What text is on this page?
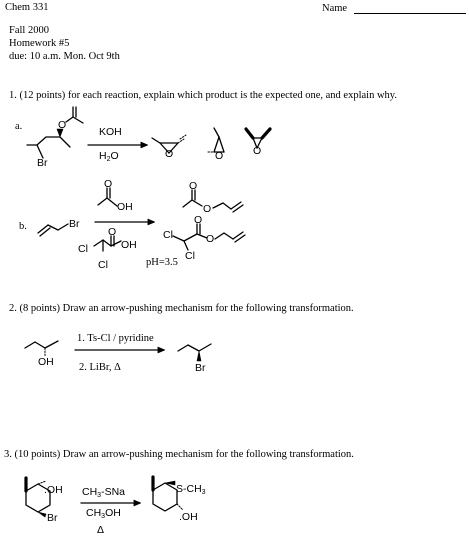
Chem 331	Name
Fall 2000
Homework #5
due: 10 a.m. Mon. Oct 9th
1. (12 points) for each reaction, explain which product is the expected one, and explain why.
a.
b.
Br
O
KOH
$H_2O$	O	O	O
Br
O
OH
Cl
Cl
O
OH
O
O
Cl
Cl
O
O
pH=3.5
2. (8 points) Draw an arrow-pushing mechanism for the following transformation.
OH
1. Ts-Cl / pyridine
2. LiBr, Δ	Br
3. (10 points) Draw an arrow-pushing mechanism for the following transformation.
.OH
Br
$CH_3$-SNa
$CH_3OH$
Δ
$S-CH_3$
.OH
